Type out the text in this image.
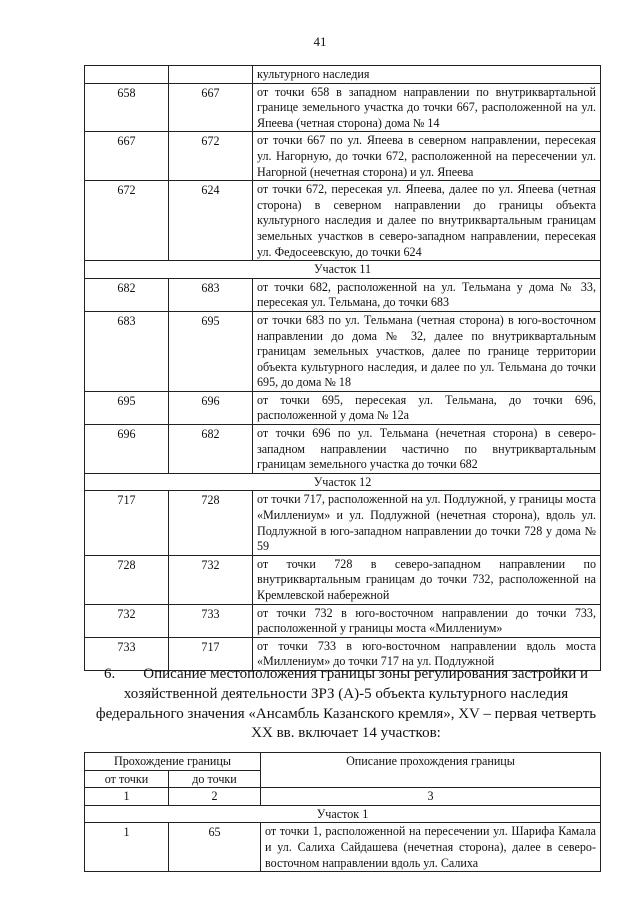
41
		культурного наследия
658	667	от точки 658 в западном направлении по внутриквартальной границе земельного участка до точки 667, расположенной на ул. Япеева (четная сторона) дома № 14
667	672	от точки 667 по ул. Япеева в северном направлении, пересекая ул. Нагорную, до точки 672, расположенной на пересечении ул. Нагорной (нечетная сторона) и ул. Япеева
672	624	от точки 672, пересекая ул. Япеева, далее по ул. Япеева (четная сторона) в северном направлении до границы объекта культурного наследия и далее по внутриквартальным границам земельных участков в северо-западном направлении, пересекая ул. Федосеевскую, до точки 624
Участок 11		
682	683	от точки 682, расположенной на ул. Тельмана у дома № 33, пересекая ул. Тельмана, до точки 683
683	695	от точки 683 по ул. Тельмана (четная сторона) в юго-восточном направлении до дома № 32, далее по внутриквартальным границам земельных участков, далее по границе территории объекта культурного наследия, и далее по ул. Тельмана до точки 695, до дома № 18
695	696	от точки 695, пересекая ул. Тельмана, до точки 696, расположенной у дома № 12а
696	682	от точки 696 по ул. Тельмана (нечетная сторона) в северо-западном направлении частично по внутриквартальным границам земельного участка до точки 682
Участок 12		
717	728	от точки 717, расположенной на ул. Подлужной, у границы моста «Миллениум» и ул. Подлужной (нечетная сторона), вдоль ул. Подлужной в юго-западном направлении до точки 728 у дома № 59
728	732	от точки 728 в северо-западном направлении по внутриквартальным границам до точки 732, расположенной на Кремлевской набережной
732	733	от точки 732 в юго-восточном направлении до точки 733, расположенной у границы моста «Миллениум»
733	717	от точки 733 в юго-восточном направлении вдоль моста «Миллениум» до точки 717 на ул. Подлужной
6. Описание местоположения границы зоны регулирования застройки и
хозяйственной деятельности ЗРЗ (А)-5 объекта культурного наследия
федерального значения «Ансамбль Казанского кремля», XV – первая четверть
XX вв. включает 14 участков:
Прохождение границы		Описание прохождения границы
от точки	до точки	
1	2	3
Участок 1		
1	65	от точки 1, расположенной на пересечении ул. Шарифа Камала и ул. Салиха Сайдашева (нечетная сторона), далее в северо-восточном направлении вдоль ул. Салиха
